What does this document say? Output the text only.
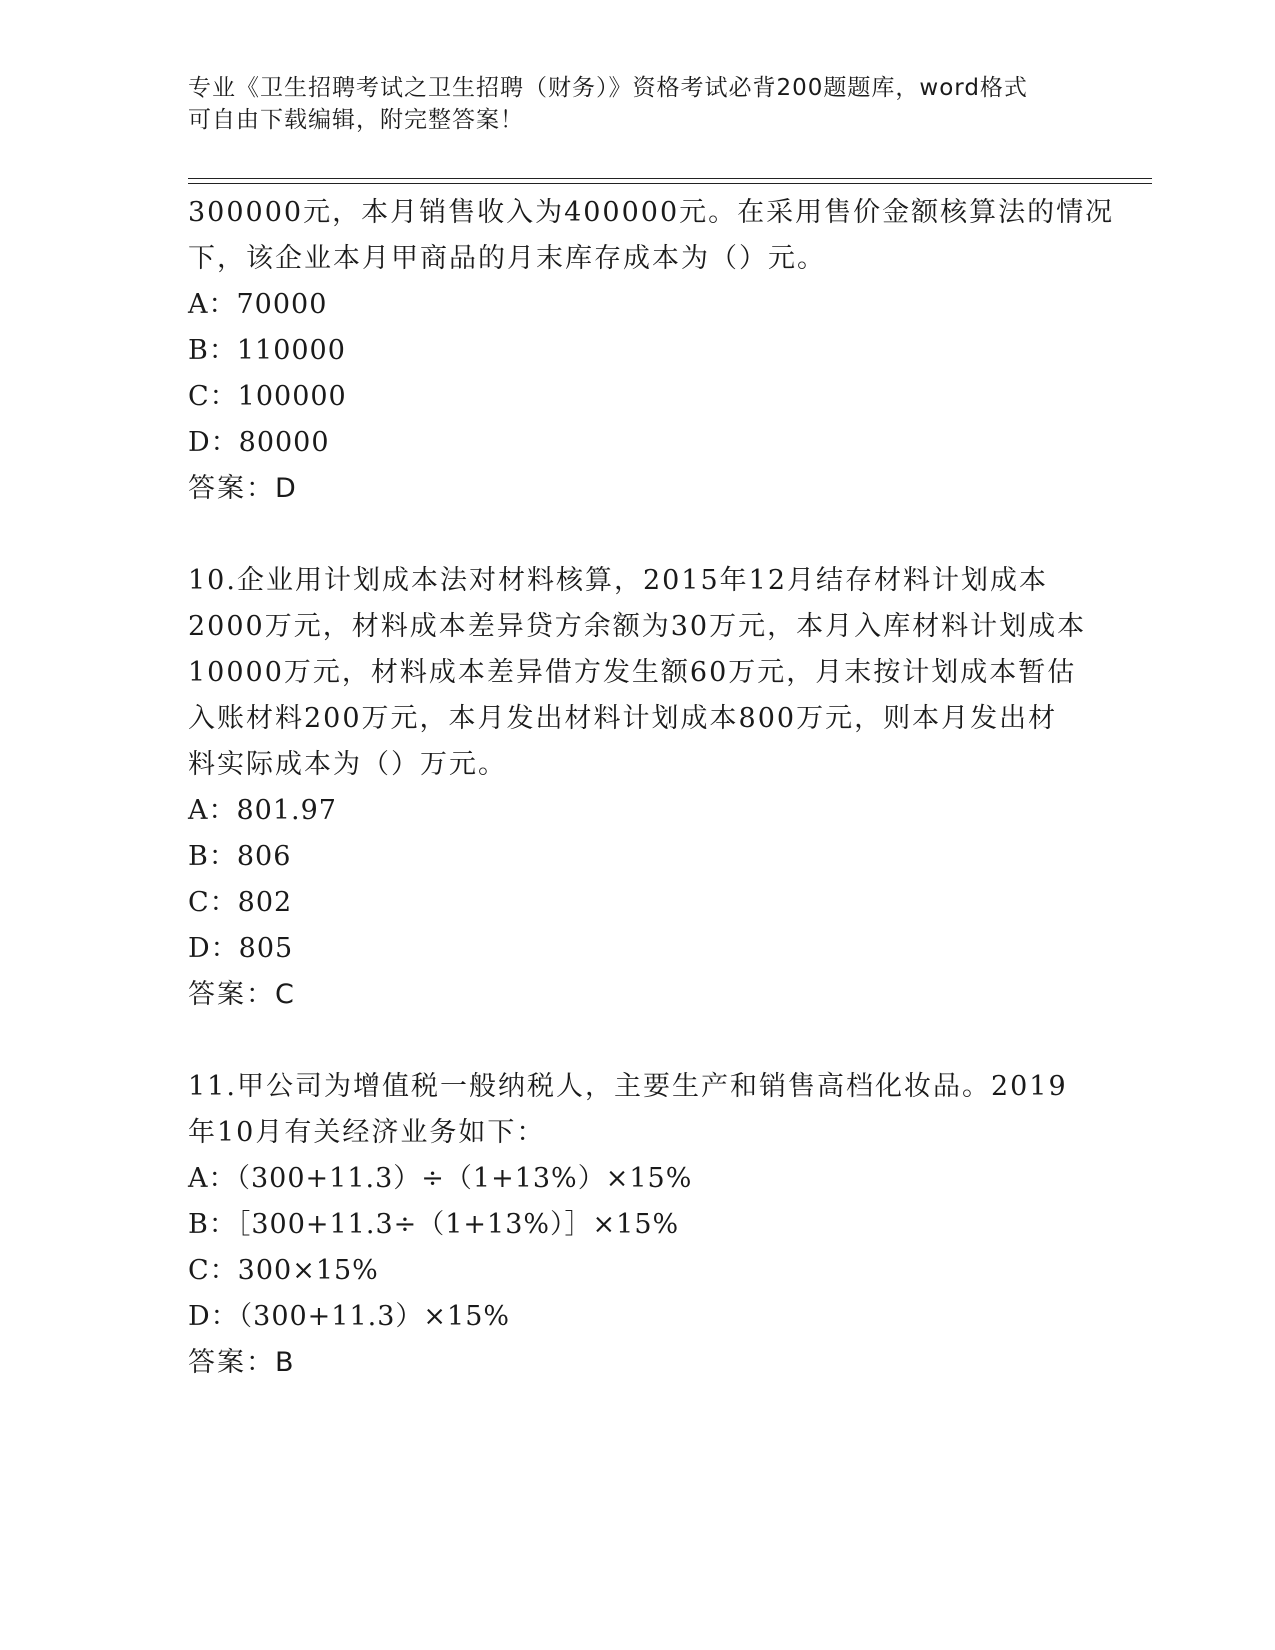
专业《卫生招聘考试之卫生招聘（财务）》资格考试必背200题题库，word格式
可自由下载编辑，附完整答案！
300000元，本月销售收入为400000元。在采用售价金额核算法的情况
下，该企业本月甲商品的月末库存成本为（）元。
A：70000
B：110000
C：100000
D：80000
答案：D
10.企业用计划成本法对材料核算，2015年12月结存材料计划成本
2000万元，材料成本差异贷方余额为30万元，本月入库材料计划成本
10000万元，材料成本差异借方发生额60万元，月末按计划成本暂估
入账材料200万元，本月发出材料计划成本800万元，则本月发出材
料实际成本为（）万元。
A：801.97
B：806
C：802
D：805
答案：C
11.甲公司为增值税一般纳税人，主要生产和销售高档化妆品。2019
年10月有关经济业务如下：
A：（300+11.3）÷（1+13%）×15%
B：［300+11.3÷（1+13%）］×15%
C：300×15%
D：（300+11.3）×15%
答案：B
